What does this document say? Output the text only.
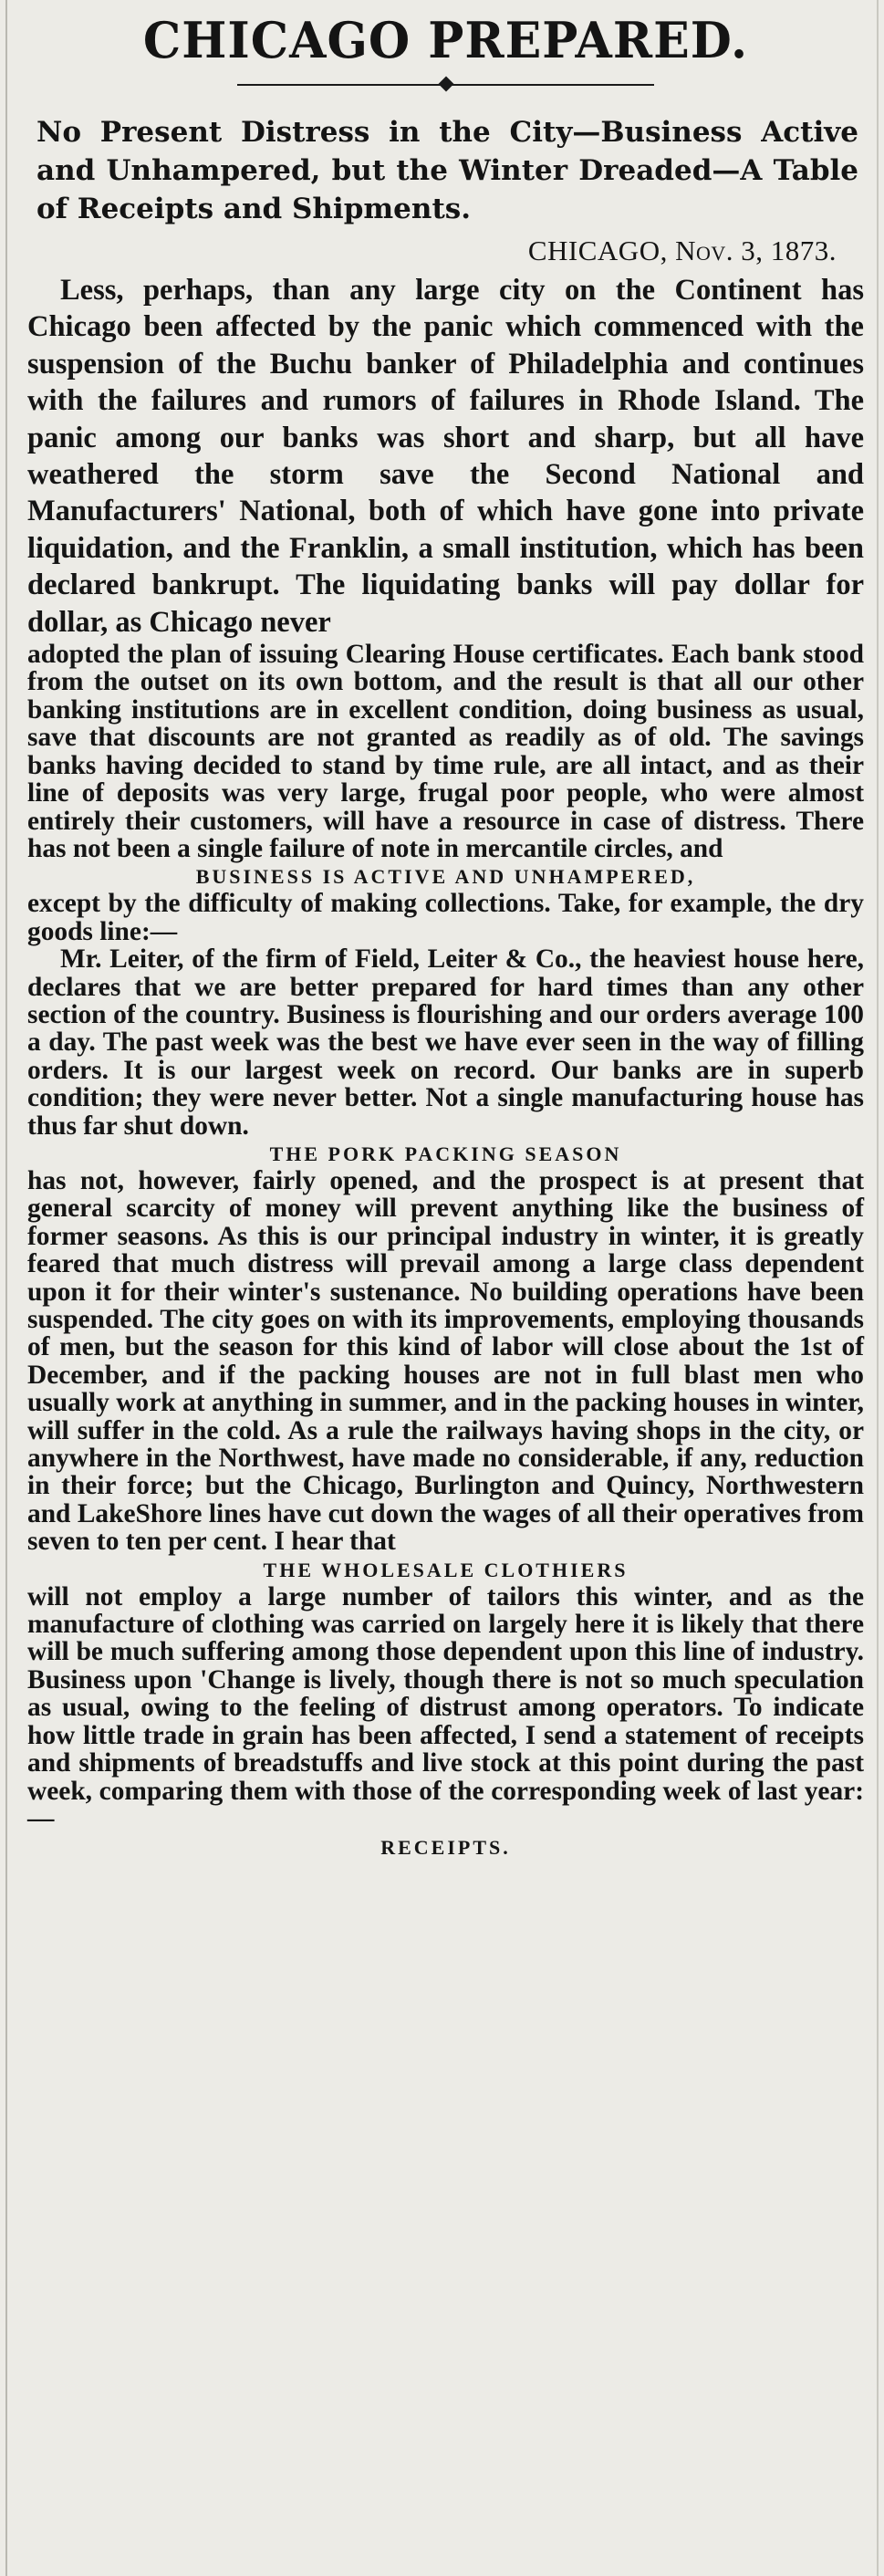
CHICAGO PREPARED.

No Present Distress in the City—Business Active and Unhampered, but the Winter Dreaded—A Table of Receipts and Shipments.

CHICAGO, Nov. 3, 1873.

Less, perhaps, than any large city on the Continent has Chicago been affected by the panic which commenced with the suspension of the Buchu banker of Philadelphia and continues with the failures and rumors of failures in Rhode Island. The panic among our banks was short and sharp, but all have weathered the storm save the Second National and Manufacturers' National, both of which have gone into private liquidation, and the Franklin, a small institution, which has been declared bankrupt. The liquidating banks will pay dollar for dollar, as Chicago never

adopted the plan of issuing Clearing House certificates. Each bank stood from the outset on its own bottom, and the result is that all our other banking institutions are in excellent condition, doing business as usual, save that discounts are not granted as readily as of old. The savings banks having decided to stand by time rule, are all intact, and as their line of deposits was very large, frugal poor people, who were almost entirely their customers, will have a resource in case of distress. There has not been a single failure of note in mercantile circles, and

BUSINESS IS ACTIVE AND UNHAMPERED,

except by the difficulty of making collections. Take, for example, the dry goods line:—

Mr. Leiter, of the firm of Field, Leiter & Co., the heaviest house here, declares that we are better prepared for hard times than any other section of the country. Business is flourishing and our orders average 100 a day. The past week was the best we have ever seen in the way of filling orders. It is our largest week on record. Our banks are in superb condition; they were never better. Not a single manufacturing house has thus far shut down.

THE PORK PACKING SEASON

has not, however, fairly opened, and the prospect is at present that general scarcity of money will prevent anything like the business of former seasons. As this is our principal industry in winter, it is greatly feared that much distress will prevail among a large class dependent upon it for their winter's sustenance. No building operations have been suspended. The city goes on with its improvements, employing thousands of men, but the season for this kind of labor will close about the 1st of December, and if the packing houses are not in full blast men who usually work at anything in summer, and in the packing houses in winter, will suffer in the cold. As a rule the railways having shops in the city, or anywhere in the Northwest, have made no considerable, if any, reduction in their force; but the Chicago, Burlington and Quincy, Northwestern and LakeShore lines have cut down the wages of all their operatives from seven to ten per cent. I hear that

THE WHOLESALE CLOTHIERS

will not employ a large number of tailors this winter, and as the manufacture of clothing was carried on largely here it is likely that there will be much suffering among those dependent upon this line of industry. Business upon 'Change is lively, though there is not so much speculation as usual, owing to the feeling of distrust among operators. To indicate how little trade in grain has been affected, I send a statement of receipts and shipments of breadstuffs and live stock at this point during the past week, comparing them with those of the corresponding week of last year:—

RECEIPTS.
